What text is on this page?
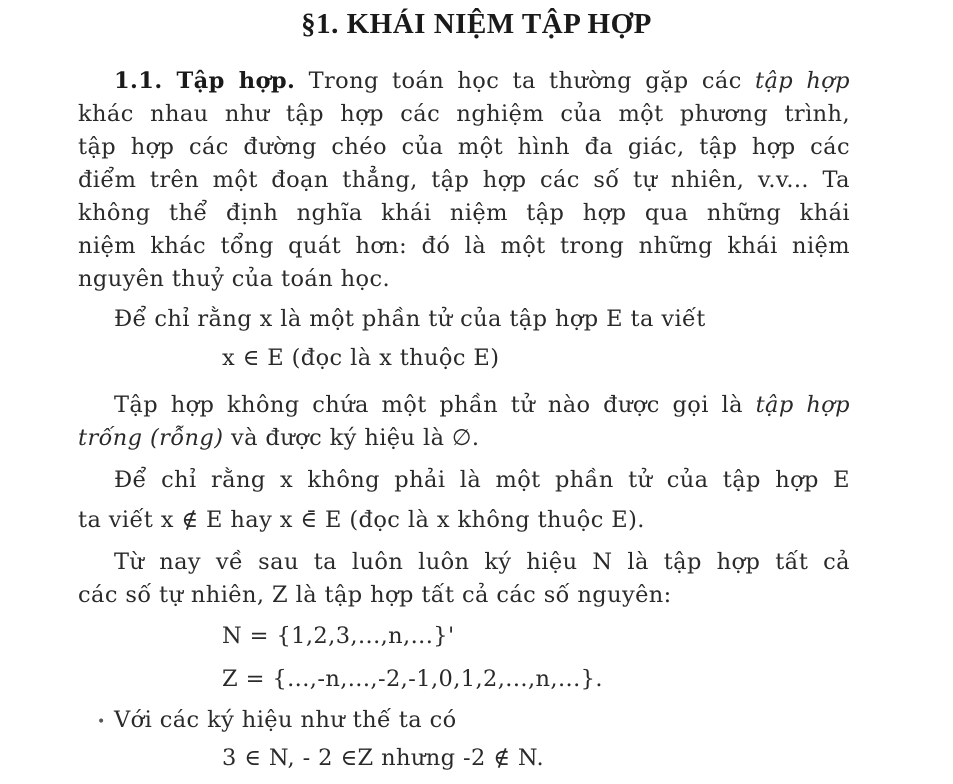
§1. KHÁI NIỆM TẬP HỢP
1.1. Tập hợp. Trong toán học ta thường gặp các tập hợp
khác nhau như tập hợp các nghiệm của một phương trình,
tập hợp các đường chéo của một hình đa giác, tập hợp các
điểm trên một đoạn thẳng, tập hợp các số tự nhiên, v.v... Ta
không thể định nghĩa khái niệm tập hợp qua những khái
niệm khác tổng quát hơn: đó là một trong những khái niệm
nguyên thuỷ của toán học.
Để chỉ rằng x là một phần tử của tập hợp E ta viết
x ∈ E (đọc là x thuộc E)
Tập hợp không chứa một phần tử nào được gọi là tập hợp
trống (rỗng) và được ký hiệu là ∅.
Để chỉ rằng x không phải là một phần tử của tập hợp E
ta viết x ∉ E hay x ∈̄ E (đọc là x không thuộc E).
Từ nay về sau ta luôn luôn ký hiệu N là tập hợp tất cả
các số tự nhiên, Z là tập hợp tất cả các số nguyên:
N = {1,2,3,...,n,...}'
Z = {...,-n,...,-2,-1,0,1,2,...,n,...}.
• Với các ký hiệu như thế ta có
3 ∈ N, - 2 ∈Z nhưng -2 ∉ N.
